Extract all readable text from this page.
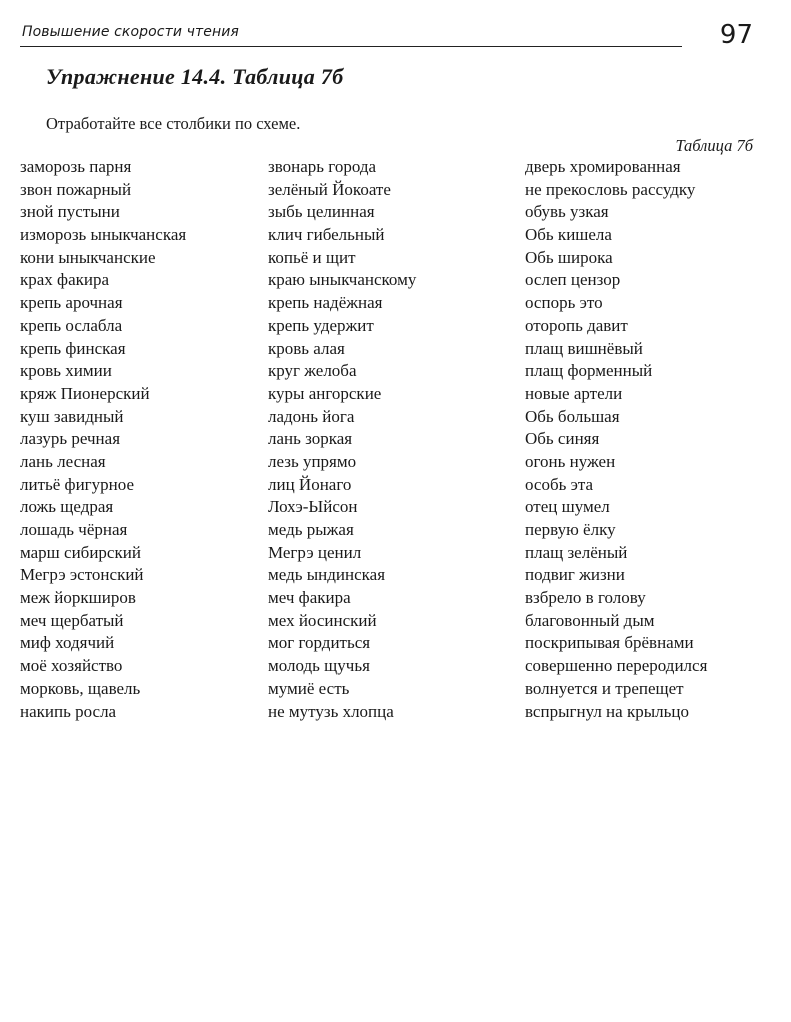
Повышение скорости чтения	97
Упражнение 14.4. Таблица 7б

Отработайте все столбики по схеме.

Таблица 7б
заморозь парня
звон пожарный
зной пустыни
изморозь ыныкчанская
кони ыныкчанские
крах факира
крепь арочная
крепь ослабла
крепь финская
кровь химии
кряж Пионерский
куш завидный
лазурь речная
лань лесная
литьё фигурное
ложь щедрая
лошадь чёрная
марш сибирский
Мегрэ эстонский
меж йоркширов
меч щербатый
миф ходячий
моё хозяйство
морковь, щавель
накипь росла
звонарь города
зелёный Йокоате
зыбь целинная
клич гибельный
копьё и щит
краю ыныкчанскому
крепь надёжная
крепь удержит
кровь алая
круг желоба
куры ангорские
ладонь йога
лань зоркая
лезь упрямо
лиц Йонаго
Лохэ-Ыйсон
медь рыжая
Мегрэ ценил
медь ындинская
меч факира
мех йосинский
мог гордиться
молодь щучья
мумиё есть
не мутузь хлопца
дверь хромированная
не прекословь рассудку
обувь узкая
Обь кишела
Обь широка
ослеп цензор
оспорь это
оторопь давит
плащ вишнёвый
плащ форменный
новые артели
Обь большая
Обь синяя
огонь нужен
особь эта
отец шумел
первую ёлку
плащ зелёный
подвиг жизни
взбрело в голову
благовонный дым
поскрипывая брёвнами
совершенно переродился
волнуется и трепещет
вспрыгнул на крыльцо
